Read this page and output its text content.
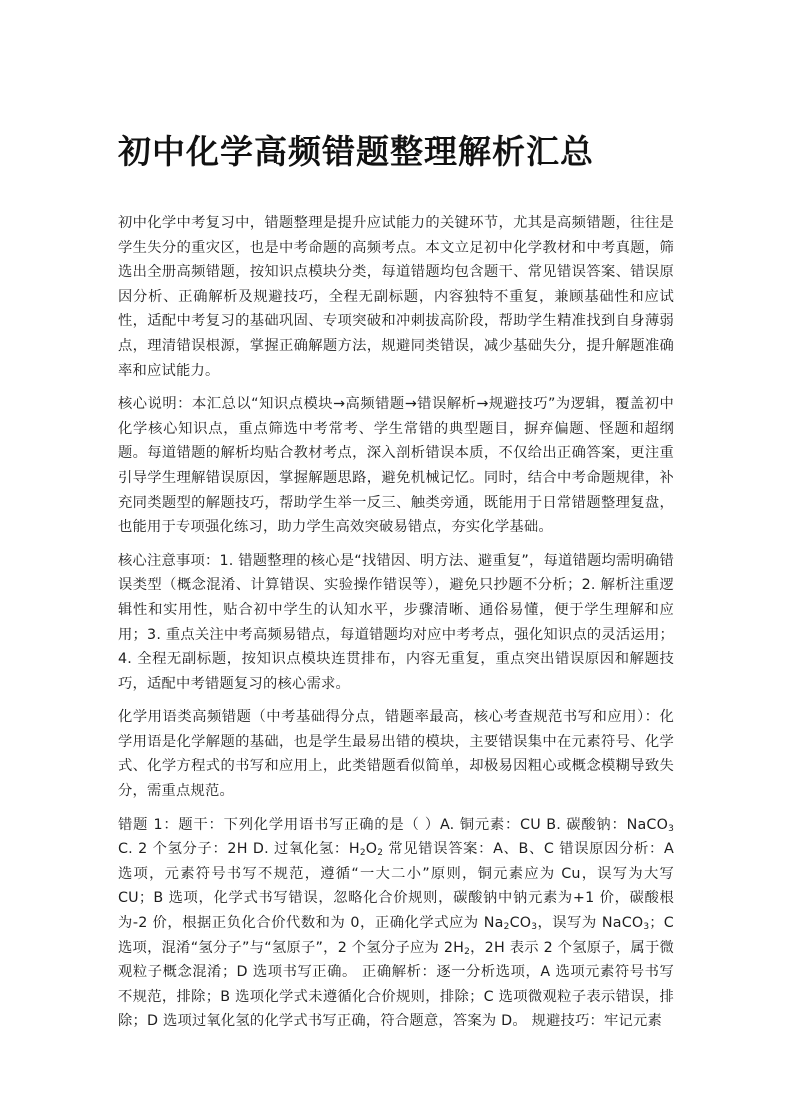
初中化学高频错题整理解析汇总

初中化学中考复习中，错题整理是提升应试能力的关键环节，尤其是高频错题，往往是学生失分的重灾区，也是中考命题的高频考点。本文立足初中化学教材和中考真题，筛选出全册高频错题，按知识点模块分类，每道错题均包含题干、常见错误答案、错误原因分析、正确解析及规避技巧，全程无副标题，内容独特不重复，兼顾基础性和应试性，适配中考复习的基础巩固、专项突破和冲刺拔高阶段，帮助学生精准找到自身薄弱点，理清错误根源，掌握正确解题方法，规避同类错误，减少基础失分，提升解题准确率和应试能力。

核心说明：本汇总以“知识点模块→高频错题→错误解析→规避技巧”为逻辑，覆盖初中化学核心知识点，重点筛选中考常考、学生常错的典型题目，摒弃偏题、怪题和超纲题。每道错题的解析均贴合教材考点，深入剖析错误本质，不仅给出正确答案，更注重引导学生理解错误原因，掌握解题思路，避免机械记忆。同时，结合中考命题规律，补充同类题型的解题技巧，帮助学生举一反三、触类旁通，既能用于日常错题整理复盘，也能用于专项强化练习，助力学生高效突破易错点，夯实化学基础。

核心注意事项：1. 错题整理的核心是“找错因、明方法、避重复”，每道错题均需明确错误类型（概念混淆、计算错误、实验操作错误等），避免只抄题不分析；2. 解析注重逻辑性和实用性，贴合初中学生的认知水平，步骤清晰、通俗易懂，便于学生理解和应用；3. 重点关注中考高频易错点，每道错题均对应中考考点，强化知识点的灵活运用；4. 全程无副标题，按知识点模块连贯排布，内容无重复，重点突出错误原因和解题技巧，适配中考错题复习的核心需求。

化学用语类高频错题（中考基础得分点，错题率最高，核心考查规范书写和应用）：化学用语是化学解题的基础，也是学生最易出错的模块，主要错误集中在元素符号、化学式、化学方程式的书写和应用上，此类错题看似简单，却极易因粗心或概念模糊导致失分，需重点规范。

错题 1：题干：下列化学用语书写正确的是（ ）A. 铜元素：CU B. 碳酸钠：NaCO$_3$ C. 2 个氢分子：2H D. 过氧化氢：$H_2O_2$ 常见错误答案：A、B、C 错误原因分析：A 选项，元素符号书写不规范，遵循“一大二小”原则，铜元素应为 Cu，误写为大写 CU；B 选项，化学式书写错误，忽略化合价规则，碳酸钠中钠元素为+1 价，碳酸根为-2 价，根据正负化合价代数和为 0，正确化学式应为 $Na_2CO_3$，误写为 NaCO$_3$；C 选项，混淆“氢分子”与“氢原子”，2 个氢分子应为 $2H_2$，2H 表示 2 个氢原子，属于微观粒子概念混淆；D 选项书写正确。 正确解析：逐一分析选项，A 选项元素符号书写不规范，排除；B 选项化学式未遵循化合价规则，排除；C 选项微观粒子表示错误，排除；D 选项过氧化氢的化学式书写正确，符合题意，答案为 D。 规避技巧：牢记元素
